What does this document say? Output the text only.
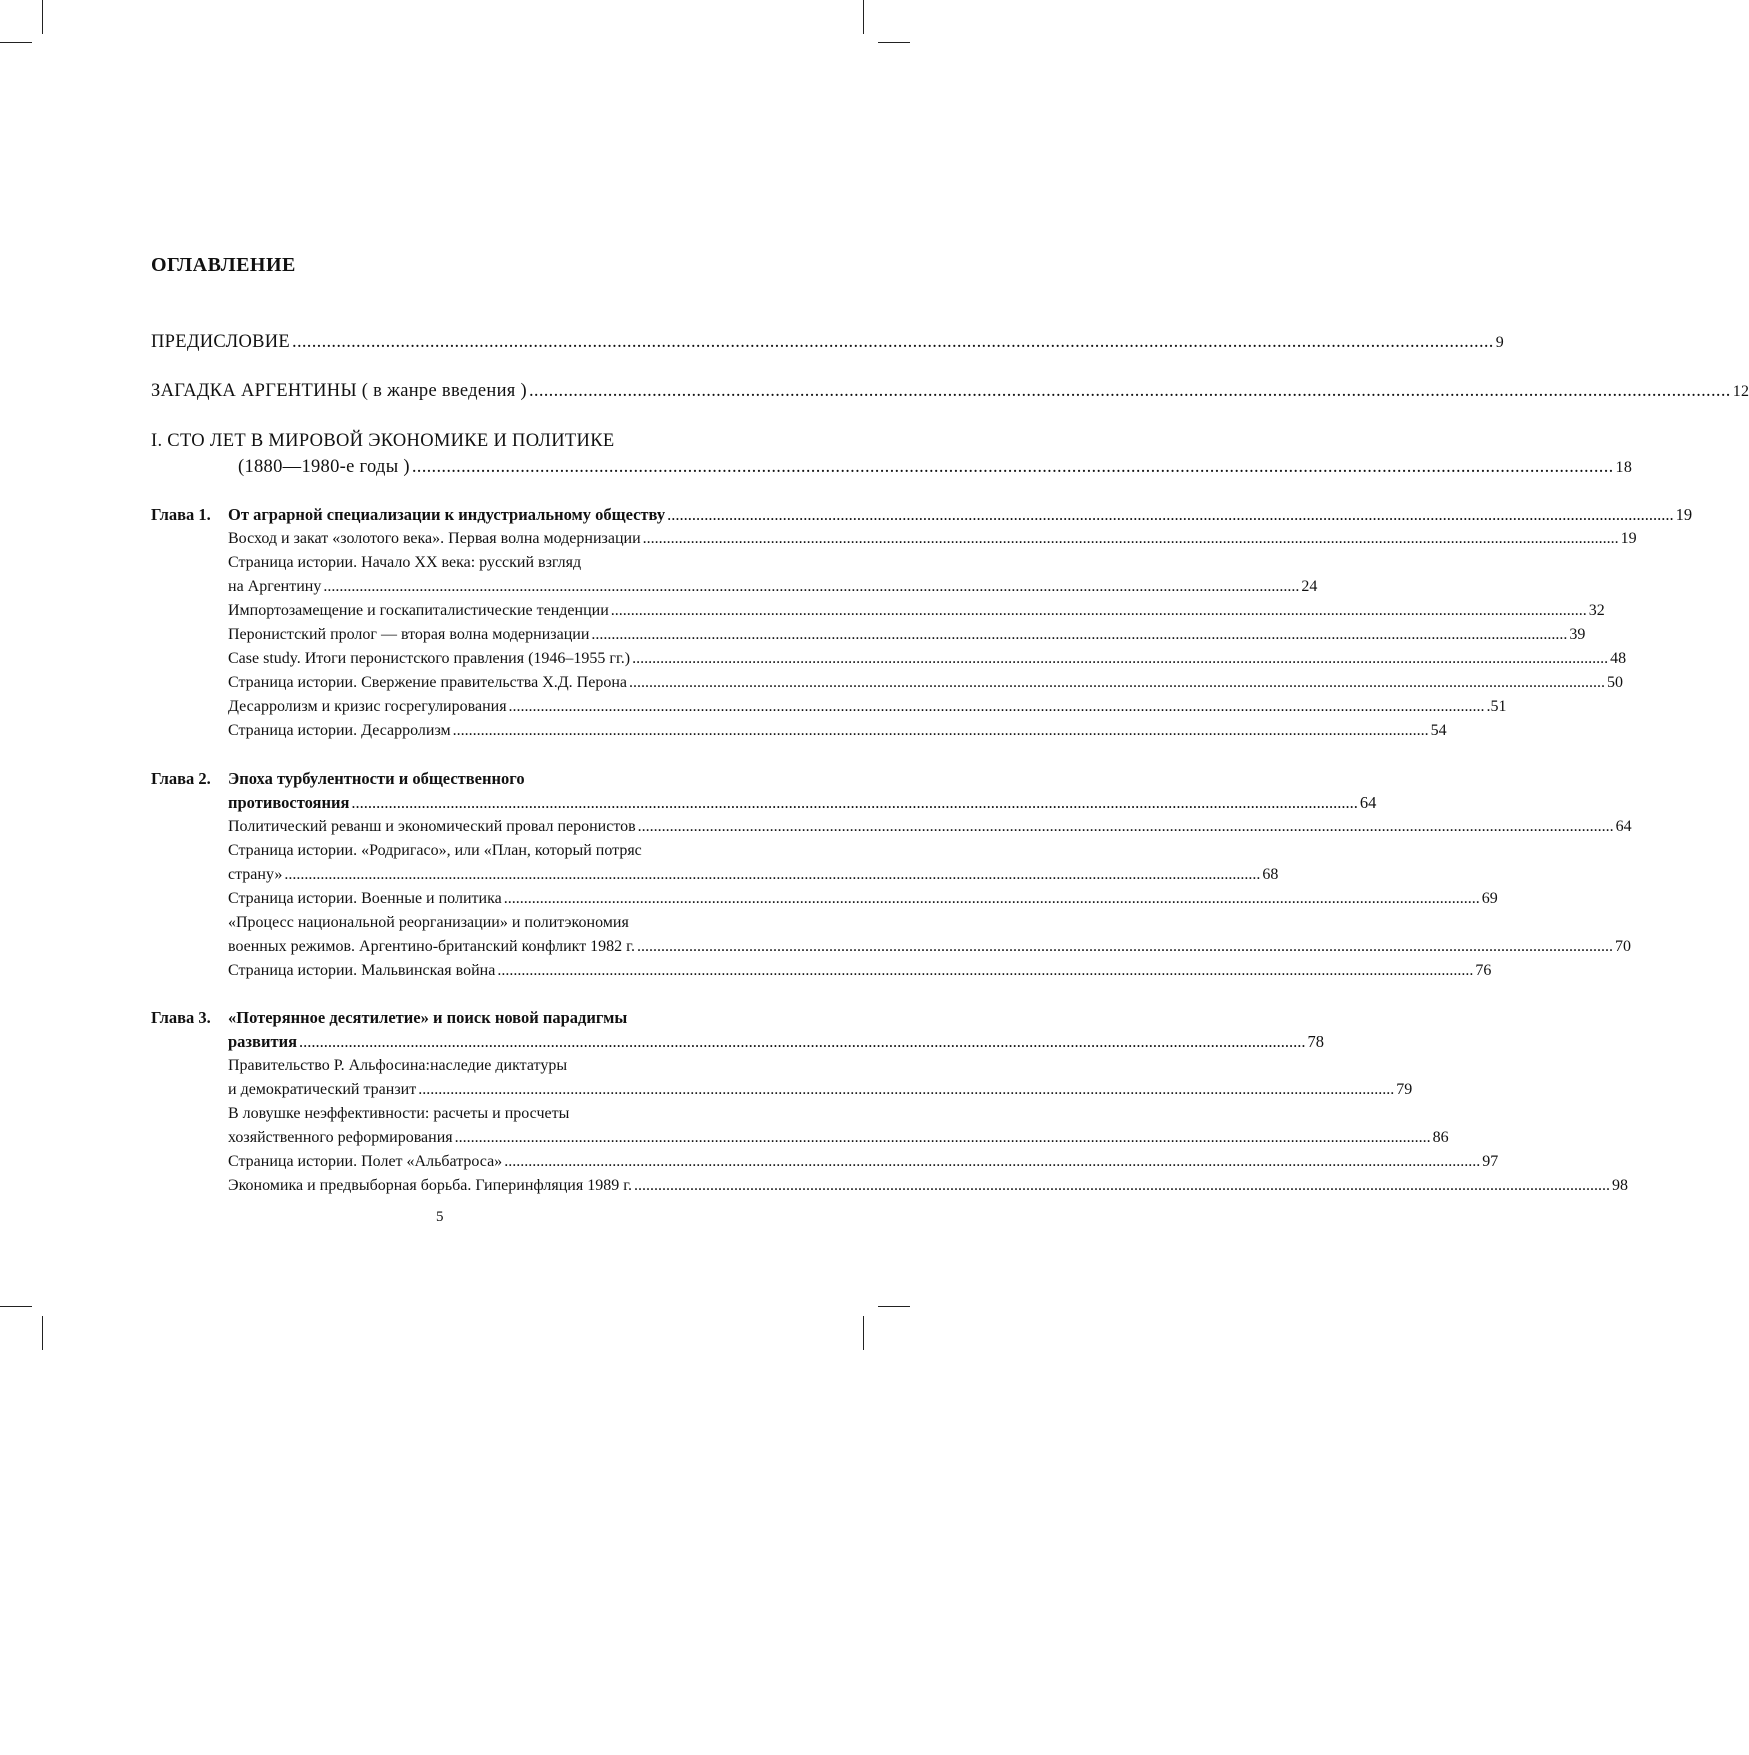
ОГЛАВЛЕНИЕ
ПРЕДИСЛОВИЕ .....	9
ЗАГАДКА АРГЕНТИНЫ ( в жанре введения ) .....	12
I. СТО ЛЕТ В МИРОВОЙ ЭКОНОМИКЕ И ПОЛИТИКЕ
(1880—1980-е годы ) .....	18
Глава 1.	От аграрной специализации к индустриальному обществу .....	19
Восход и закат «золотого века». Первая волна модернизации .....	19
Страница истории. Начало XX века: русский взгляд
на Аргентину .....	24
Импортозамещение и госкапиталистические тенденции .....	32
Перонистский пролог — вторая волна модернизации .....	39
Case study. Итоги перонистского правления (1946–1955 гг.) .....	48
Страница истории. Свержение правительства Х.Д. Перона .....	50
Десарролизм и кризис госрегулирования .....	.51
Страница истории. Десарролизм .....	54
Глава 2.	Эпоха турбулентности и общественного
противостояния .....	64
Политический реванш и экономический провал перонистов .....	64
Страница истории. «Родригасо», или «План, который потряс
страну» .....	68
Страница истории. Военные и политика .....	69
«Процесс национальной реорганизации» и политэкономия
военных режимов. Аргентино-британский конфликт 1982 г. .....	70
Страница истории. Мальвинская война .....	76
Глава 3.	«Потерянное десятилетие» и поиск новой парадигмы
развития .....	78
Правительство Р. Альфосина:наследие диктатуры
и демократический транзит .....	79
В ловушке неэффективности: расчеты и просчеты
хозяйственного реформирования .....	86
Страница истории. Полет «Альбатроса» .....	97
Экономика и предвыборная борьба. Гиперинфляция 1989 г. .....	98
5
